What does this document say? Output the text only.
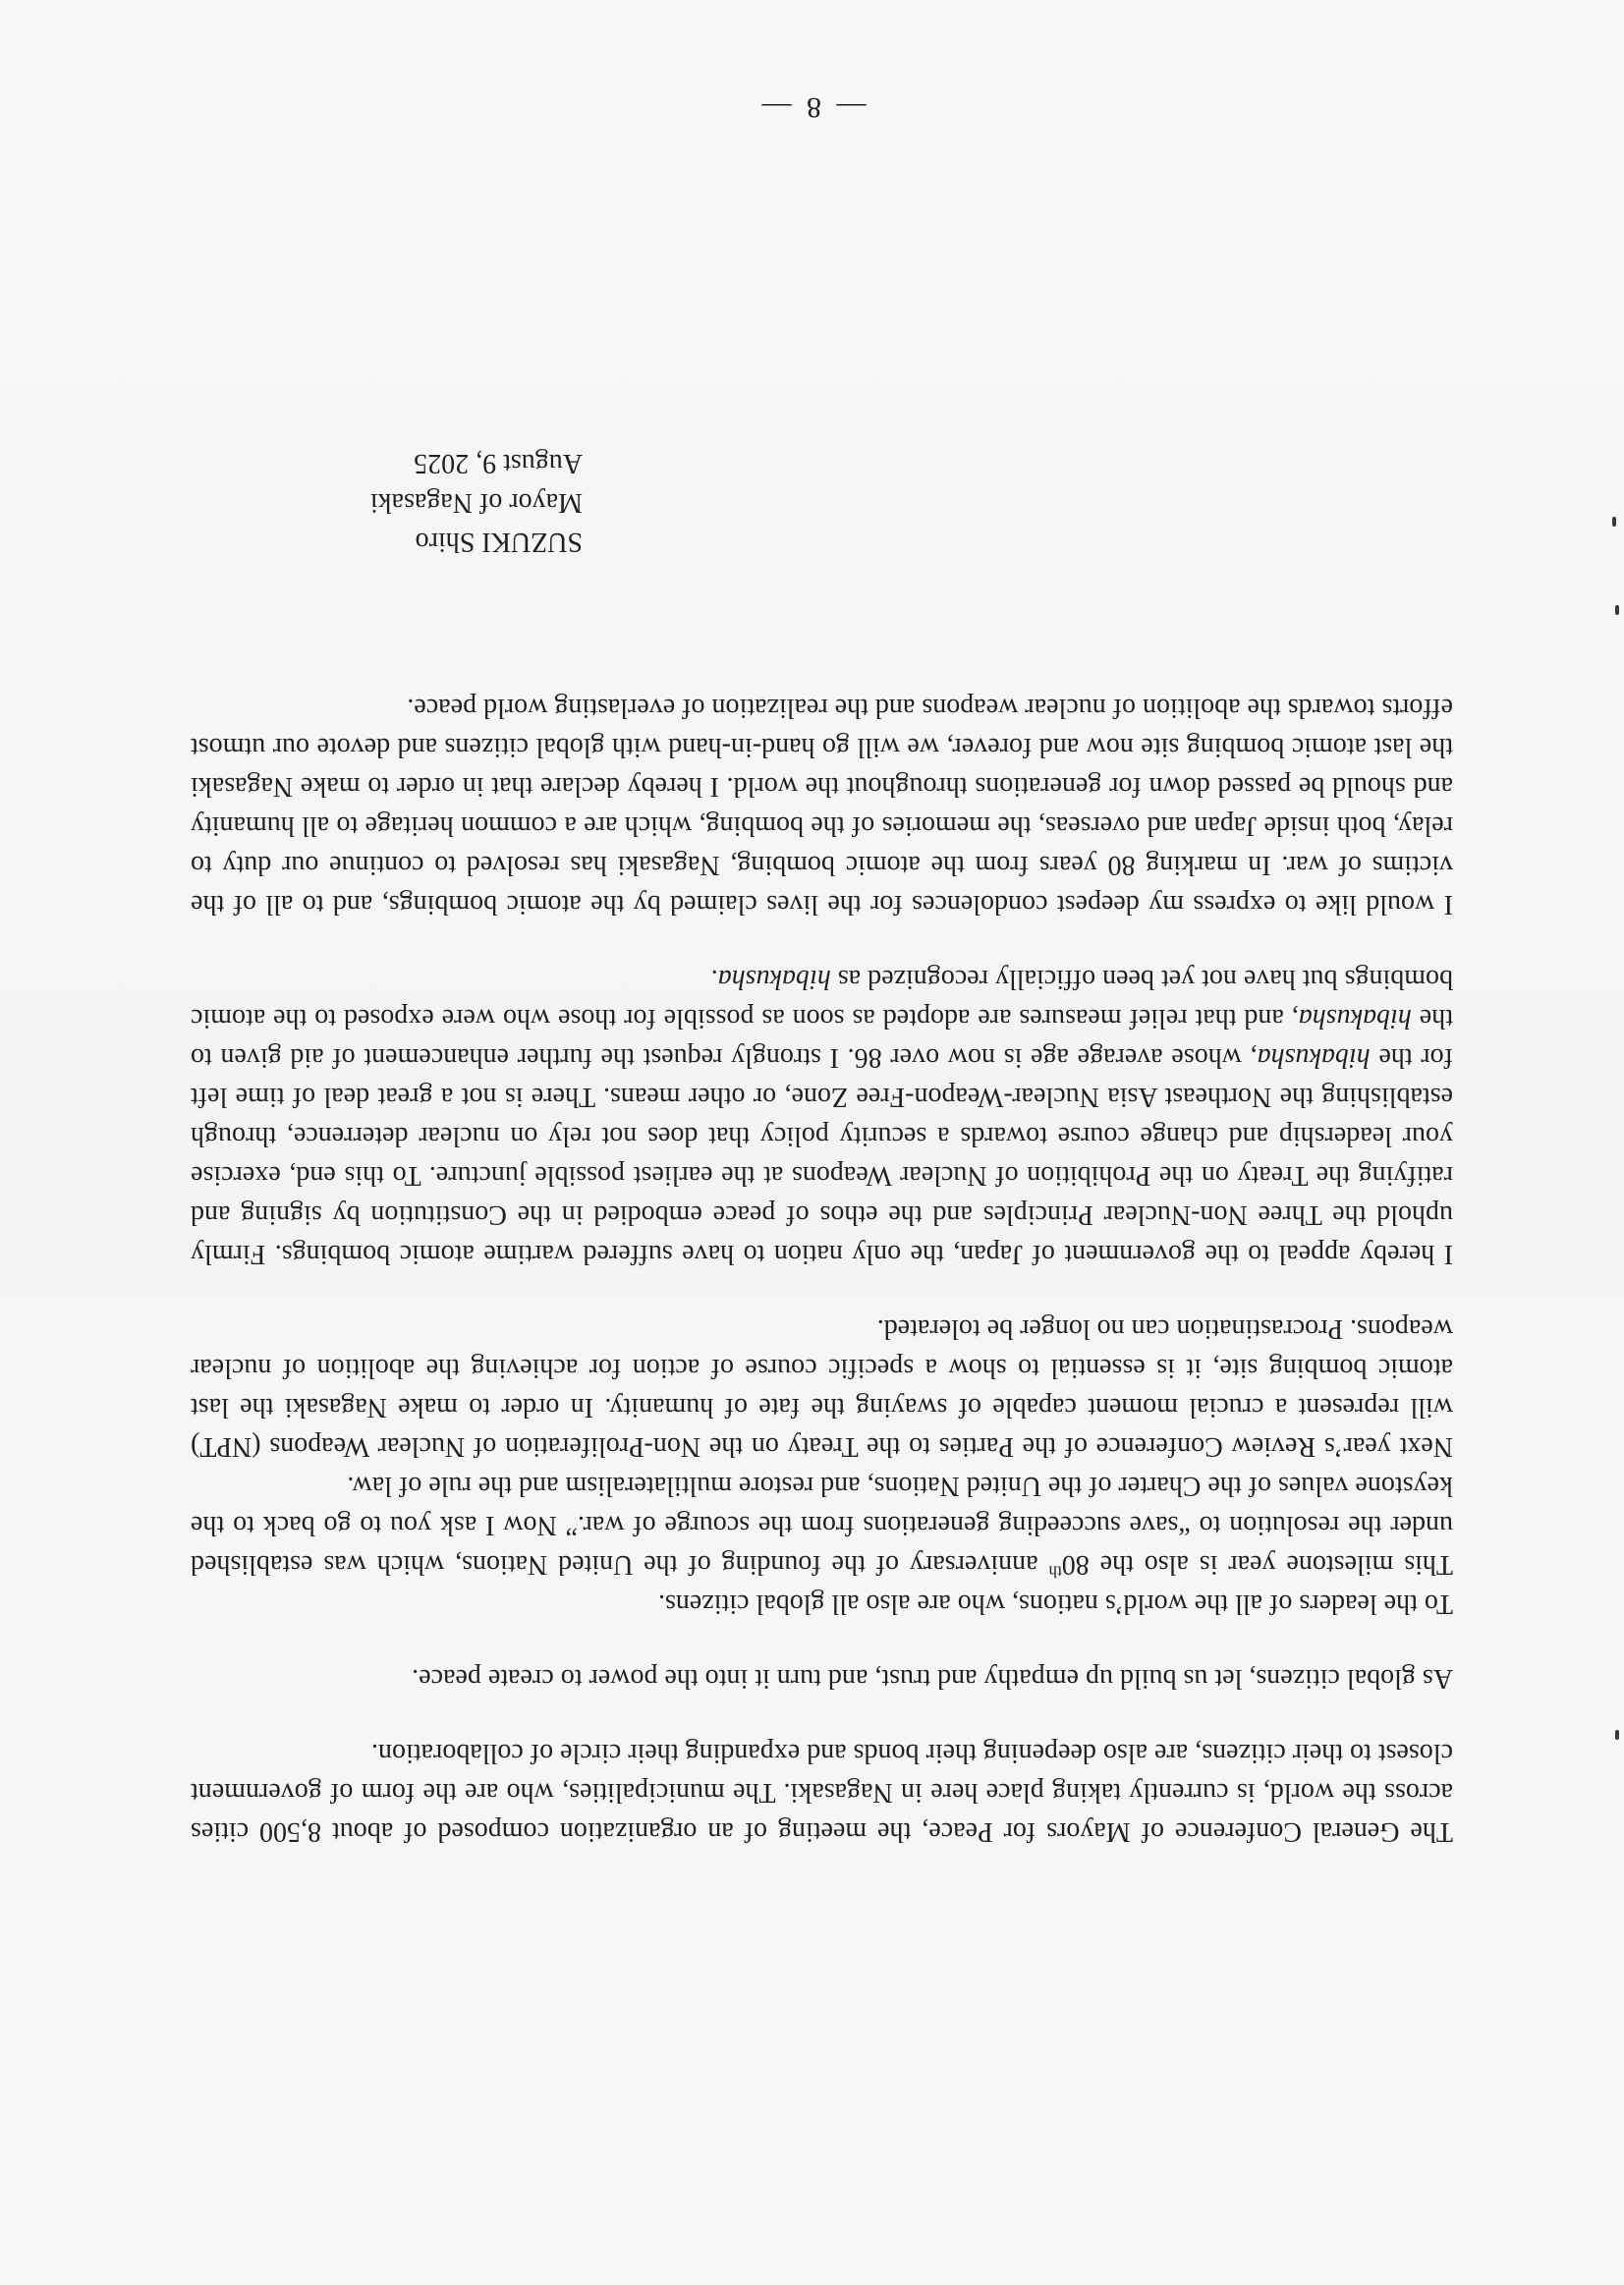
The General Conference of Mayors for Peace, the meeting of an organization composed of about 8,500 cities across the world, is currently taking place here in Nagasaki. The municipalities, who are the form of government closest to their citizens, are also deepening their bonds and expanding their circle of collaboration.

As global citizens, let us build up empathy and trust, and turn it into the power to create peace.

To the leaders of all the world’s nations, who are also all global citizens.

This milestone year is also the 80th anniversary of the founding of the United Nations, which was established under the resolution to “save succeeding generations from the scourge of war.” Now I ask you to go back to the keystone values of the Charter of the United Nations, and restore multilateralism and the rule of law.

Next year’s Review Conference of the Parties to the Treaty on the Non-Proliferation of Nuclear Weapons (NPT) will represent a crucial moment capable of swaying the fate of humanity. In order to make Nagasaki the last atomic bombing site, it is essential to show a specific course of action for achieving the abolition of nuclear weapons. Procrastination can no longer be tolerated.

I hereby appeal to the government of Japan, the only nation to have suffered wartime atomic bombings. Firmly uphold the Three Non-Nuclear Principles and the ethos of peace embodied in the Constitution by signing and ratifying the Treaty on the Prohibition of Nuclear Weapons at the earliest possible juncture. To this end, exercise your leadership and change course towards a security policy that does not rely on nuclear deterrence, through establishing the Northeast Asia Nuclear-Weapon-Free Zone, or other means. There is not a great deal of time left for the hibakusha, whose average age is now over 86. I strongly request the further enhancement of aid given to the hibakusha, and that relief measures are adopted as soon as possible for those who were exposed to the atomic bombings but have not yet been officially recognized as hibakusha.

I would like to express my deepest condolences for the lives claimed by the atomic bombings, and to all of the victims of war. In marking 80 years from the atomic bombing, Nagasaki has resolved to continue our duty to relay, both inside Japan and overseas, the memories of the bombing, which are a common heritage to all humanity and should be passed down for generations throughout the world. I hereby declare that in order to make Nagasaki the last atomic bombing site now and forever, we will go hand-in-hand with global citizens and devote our utmost efforts towards the abolition of nuclear weapons and the realization of everlasting world peace.

SUZUKI Shiro
Mayor of Nagasaki
August 9, 2025
— 8 —
